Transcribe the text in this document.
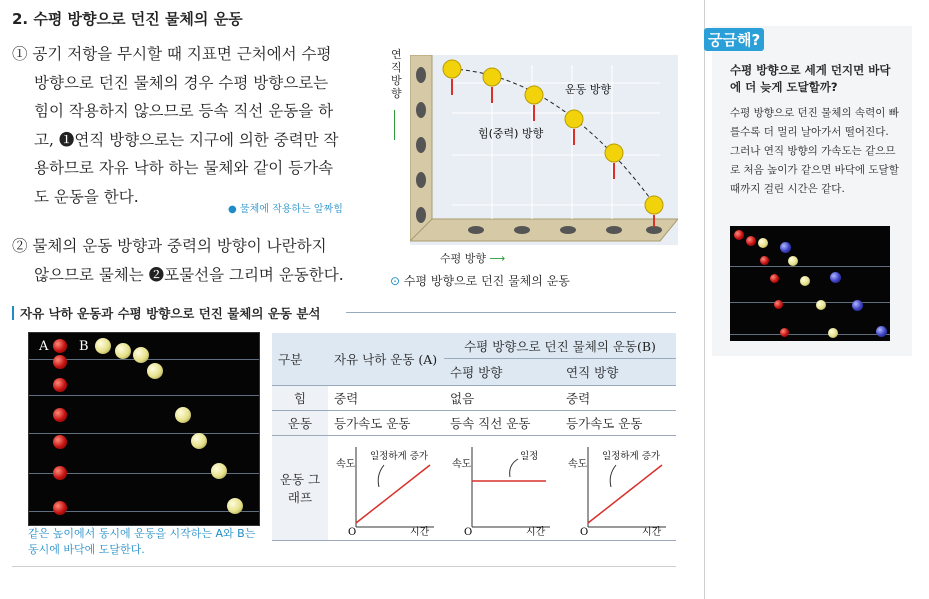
2. 수평 방향으로 던진 물체의 운동

① 공기 저항을 무시할 때 지표면 근처에서 수평

방향으로 던진 물체의 경우 수평 방향으로는

힘이 작용하지 않으므로 등속 직선 운동을 하

고, ❶연직 방향으로는 지구에 의한 중력만 작

용하므로 자유 낙하 하는 물체와 같이 등가속

도 운동을 한다.

● 물체에 작용하는 알짜힘

② 물체의 운동 방향과 중력의 방향이 나란하지

않으므로 물체는 ❷포물선을 그리며 운동한다.

운동 방향
힘(중력) 방향
연직 방향
수평 방향 ⟶
⊙ 수평 방향으로 던진 물체의 운동
자유 낙하 운동과 수평 방향으로 던진 물체의 운동 분석
A B
같은 높이에서 동시에 운동을 시작하는 A와 B는 동시에 바닥에 도달한다.
구분	자유 낙하 운동 (A)	수평 방향으로 던진 물체의 운동(B)	
		수평 방향	연직 방향
힘	중력	없음	중력
운동	등가속도 운동	등속 직선 운동	등가속도 운동
운동 그래프	속도
일정하게 증가
O 시간	속도
일정
O 시간	속도
일정하게 증가
O 시간
궁금해?
수평 방향으로 세게 던지면 바닥에 더 늦게 도달할까?
수평 방향으로 던진 물체의 속력이 빠를수록 더 멀리 날아가서 떨어진다. 그러나 연직 방향의 가속도는 같으므로 처음 높이가 같으면 바닥에 도달할 때까지 걸린 시간은 같다.
